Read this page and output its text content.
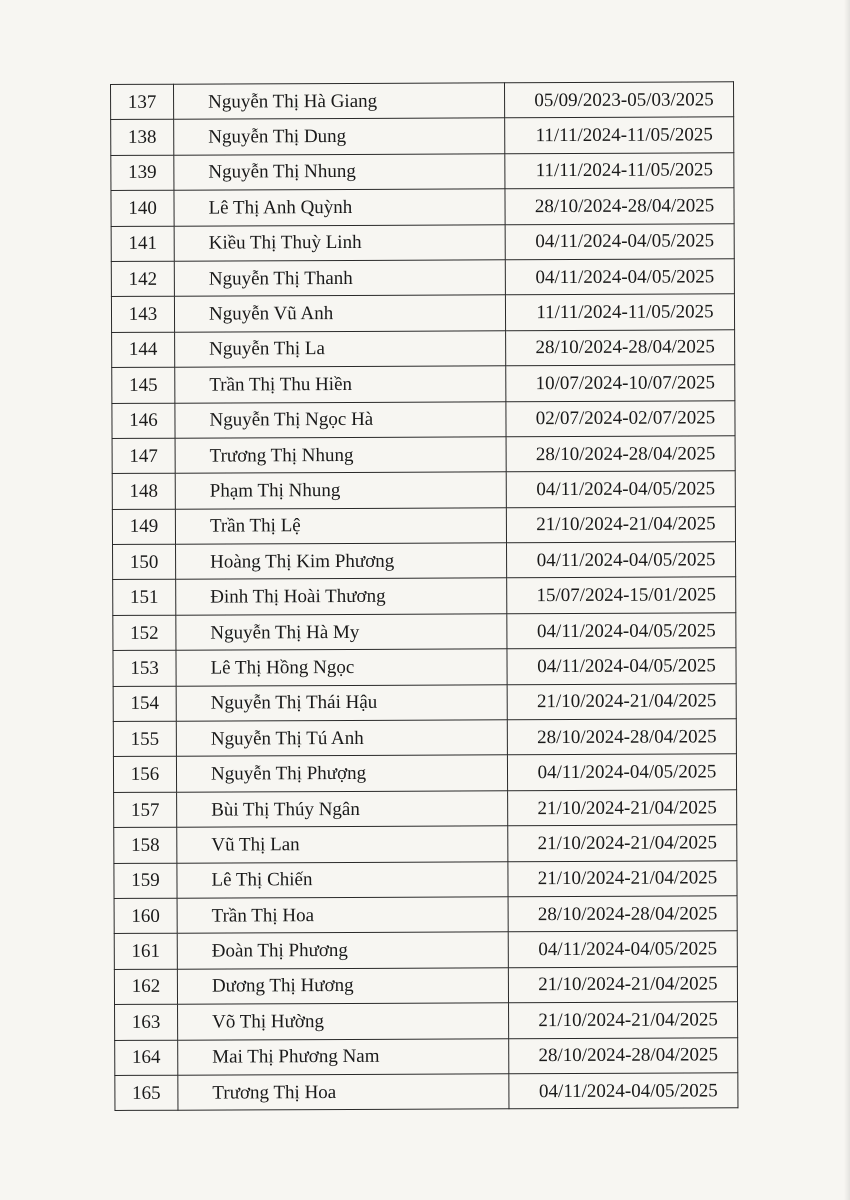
137	Nguyễn Thị Hà Giang	05/09/2023-05/03/2025
138	Nguyễn Thị Dung	11/11/2024-11/05/2025
139	Nguyễn Thị Nhung	11/11/2024-11/05/2025
140	Lê Thị Anh Quỳnh	28/10/2024-28/04/2025
141	Kiều Thị Thuỳ Linh	04/11/2024-04/05/2025
142	Nguyễn Thị Thanh	04/11/2024-04/05/2025
143	Nguyễn Vũ Anh	11/11/2024-11/05/2025
144	Nguyễn Thị La	28/10/2024-28/04/2025
145	Trần Thị Thu Hiền	10/07/2024-10/07/2025
146	Nguyễn Thị Ngọc Hà	02/07/2024-02/07/2025
147	Trương Thị Nhung	28/10/2024-28/04/2025
148	Phạm Thị Nhung	04/11/2024-04/05/2025
149	Trần Thị Lệ	21/10/2024-21/04/2025
150	Hoàng Thị Kim Phương	04/11/2024-04/05/2025
151	Đinh Thị Hoài Thương	15/07/2024-15/01/2025
152	Nguyễn Thị Hà My	04/11/2024-04/05/2025
153	Lê Thị Hồng Ngọc	04/11/2024-04/05/2025
154	Nguyễn Thị Thái Hậu	21/10/2024-21/04/2025
155	Nguyễn Thị Tú Anh	28/10/2024-28/04/2025
156	Nguyễn Thị Phượng	04/11/2024-04/05/2025
157	Bùi Thị Thúy Ngân	21/10/2024-21/04/2025
158	Vũ Thị Lan	21/10/2024-21/04/2025
159	Lê Thị Chiến	21/10/2024-21/04/2025
160	Trần Thị Hoa	28/10/2024-28/04/2025
161	Đoàn Thị Phương	04/11/2024-04/05/2025
162	Dương Thị Hương	21/10/2024-21/04/2025
163	Võ Thị Hường	21/10/2024-21/04/2025
164	Mai Thị Phương Nam	28/10/2024-28/04/2025
165	Trương Thị Hoa	04/11/2024-04/05/2025
